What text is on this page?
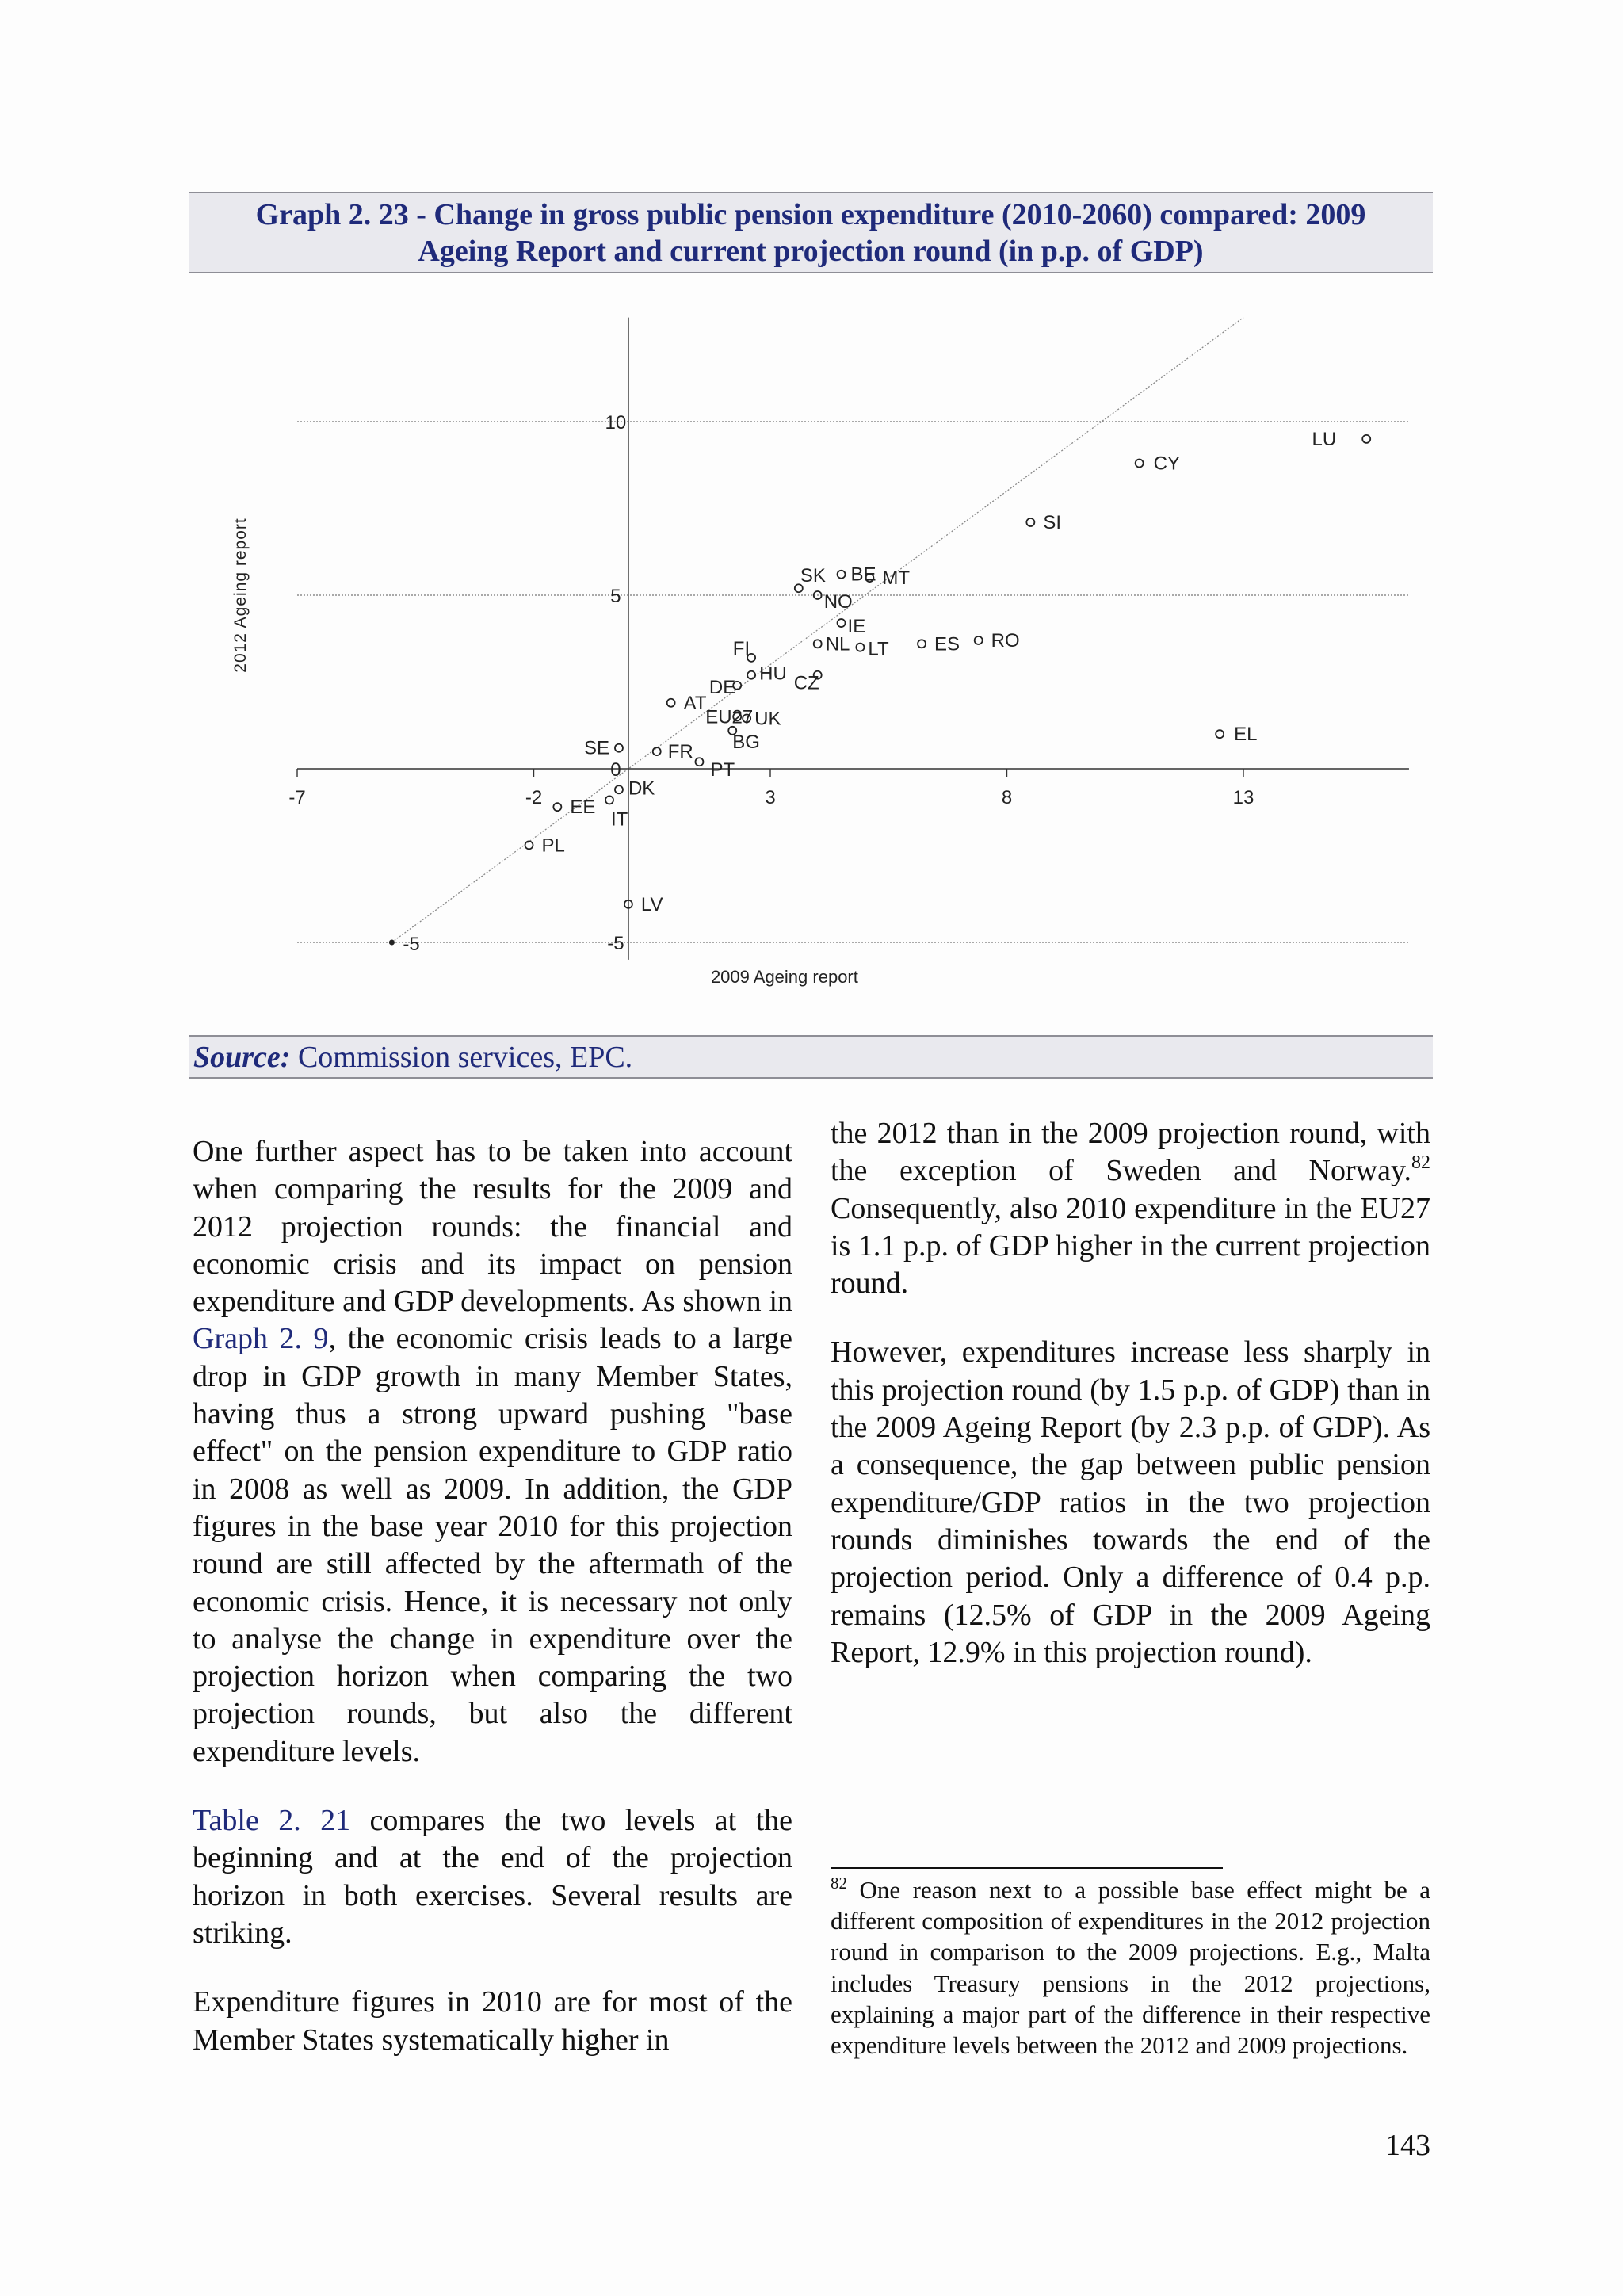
Graph 2. 23 - Change in gross public pension expenditure (2010-2060) compared: 2009
Ageing Report and current projection round (in p.p. of GDP)
-7	-2	3	8	13
-5
0
5
10
2009 Ageing report
2012 Ageing report
LU
CY
SI
EL
SK BE MT
NO
IE
NL LT ES RO
FI
HU
DE	CZ
AT
EU27 UK
BG
FR
PT
SE
DK
IT
EE
PL
LV
-5
Source: Commission services, EPC.

One further aspect has to be taken into account when comparing the results for the 2009 and 2012 projection rounds: the financial and economic crisis and its impact on pension expenditure and GDP developments. As shown in Graph 2. 9, the economic crisis leads to a large drop in GDP growth in many Member States, having thus a strong upward pushing "base effect" on the pension expenditure to GDP ratio in 2008 as well as 2009. In addition, the GDP figures in the base year 2010 for this projection round are still affected by the aftermath of the economic crisis. Hence, it is necessary not only to analyse the change in expenditure over the projection horizon when comparing the two projection rounds, but also the different expenditure levels.

Table 2. 21 compares the two levels at the beginning and at the end of the projection horizon in both exercises. Several results are striking.

Expenditure figures in 2010 are for most of the Member States systematically higher in

the 2012 than in the 2009 projection round, with the exception of Sweden and Norway.$^{82}$ Consequently, also 2010 expenditure in the EU27 is 1.1 p.p. of GDP higher in the current projection round.

However, expenditures increase less sharply in this projection round (by 1.5 p.p. of GDP) than in the 2009 Ageing Report (by 2.3 p.p. of GDP). As a consequence, the gap between public pension expenditure/GDP ratios in the two projection rounds diminishes towards the end of the projection period. Only a difference of 0.4 p.p. remains (12.5% of GDP in the 2009 Ageing Report, 12.9% in this projection round).

$^{82}$ One reason next to a possible base effect might be a different composition of expenditures in the 2012 projection round in comparison to the 2009 projections. E.g., Malta includes Treasury pensions in the 2012 projections, explaining a major part of the difference in their respective expenditure levels between the 2012 and 2009 projections.
143
